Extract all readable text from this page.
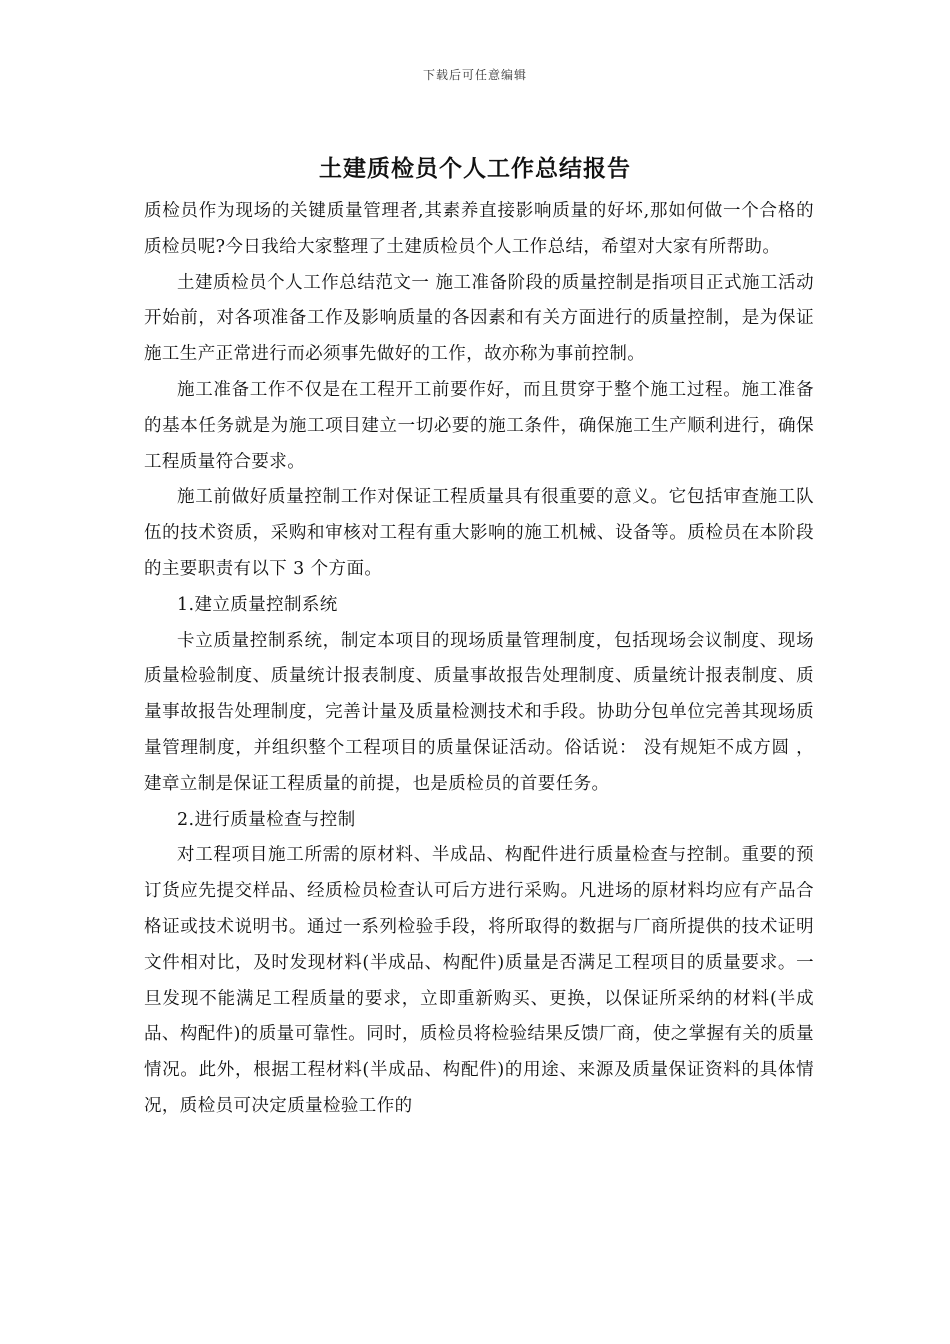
下载后可任意编辑
土建质检员个人工作总结报告

质检员作为现场的关键质量管理者,其素养直接影响质量的好坏,那如何做一个合格的质检员呢?今日我给大家整理了土建质检员个人工作总结，希望对大家有所帮助。

土建质检员个人工作总结范文一 施工准备阶段的质量控制是指项目正式施工活动开始前，对各项准备工作及影响质量的各因素和有关方面进行的质量控制，是为保证施工生产正常进行而必须事先做好的工作，故亦称为事前控制。

施工准备工作不仅是在工程开工前要作好，而且贯穿于整个施工过程。施工准备的基本任务就是为施工项目建立一切必要的施工条件，确保施工生产顺利进行，确保工程质量符合要求。

施工前做好质量控制工作对保证工程质量具有很重要的意义。它包括审查施工队伍的技术资质，采购和审核对工程有重大影响的施工机械、设备等。质检员在本阶段的主要职责有以下 3 个方面。

1.建立质量控制系统

卡立质量控制系统，制定本项目的现场质量管理制度，包括现场会议制度、现场质量检验制度、质量统计报表制度、质量事故报告处理制度、质量统计报表制度、质量事故报告处理制度，完善计量及质量检测技术和手段。协助分包单位完善其现场质量管理制度，并组织整个工程项目的质量保证活动。俗话说： 没有规矩不成方圆 ，建章立制是保证工程质量的前提，也是质检员的首要任务。

2.进行质量检查与控制

对工程项目施工所需的原材料、半成品、构配件进行质量检查与控制。重要的预订货应先提交样品、经质检员检查认可后方进行采购。凡进场的原材料均应有产品合格证或技术说明书。通过一系列检验手段，将所取得的数据与厂商所提供的技术证明文件相对比，及时发现材料(半成品、构配件)质量是否满足工程项目的质量要求。一旦发现不能满足工程质量的要求，立即重新购买、更换，以保证所采纳的材料(半成品、构配件)的质量可靠性。同时，质检员将检验结果反馈厂商，使之掌握有关的质量情况。此外，根据工程材料(半成品、构配件)的用途、来源及质量保证资料的具体情况，质检员可决定质量检验工作的
